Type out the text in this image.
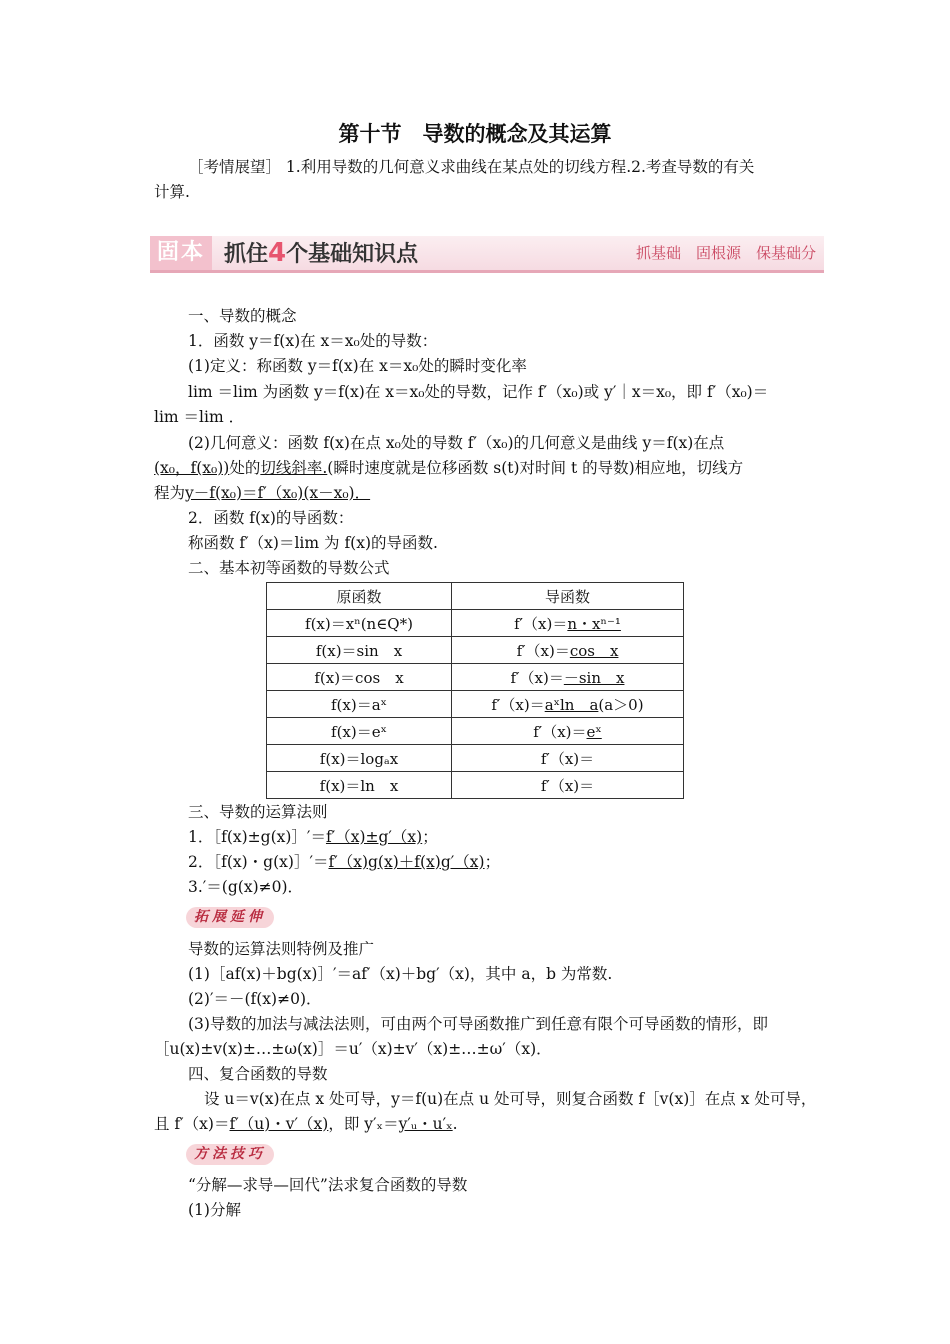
第十节　导数的概念及其运算
［考情展望］ 1.利用导数的几何意义求曲线在某点处的切线方程.2.考查导数的有关
计算.
固本 抓住4个基础知识点	抓基础　固根源　保基础分
一、导数的概念
1．函数 y＝f(x)在 x＝x₀处的导数：
(1)定义：称函数 y＝f(x)在 x＝x₀处的瞬时变化率
lim ＝lim 为函数 y＝f(x)在 x＝x₀处的导数，记作 f′（x₀)或 y′｜x＝x₀，即 f′（x₀)＝
lim ＝lim ．
(2)几何意义：函数 f(x)在点 x₀处的导数 f′（x₀)的几何意义是曲线 y＝f(x)在点
(x₀，f(x₀))处的切线斜率.(瞬时速度就是位移函数 s(t)对时间 t 的导数)相应地，切线方
程为y－f(x₀)＝f′（x₀)(x－x₀)．
2．函数 f(x)的导函数：
称函数 f′（x)＝lim 为 f(x)的导函数.
二、基本初等函数的导数公式
原函数	导函数
f(x)＝xⁿ(n∈Q*)	f′（x)＝n・xⁿ⁻¹
f(x)＝sin　x	f′（x)＝cos　x
f(x)＝cos　x	f′（x)＝－sin　x
f(x)＝aˣ	f′（x)＝aˣln　a(a＞0)
f(x)＝eˣ	f′（x)＝eˣ
f(x)＝logₐx	f′（x)＝
f(x)＝ln　x	f′（x)＝
三、导数的运算法则
1．［f(x)±g(x)］′＝f′（x)±g′（x)；
2．［f(x)・g(x)］′＝f′（x)g(x)＋f(x)g′（x)；
3.′＝(g(x)≠0)．
拓展延伸
导数的运算法则特例及推广
(1)［af(x)＋bg(x)］′＝af′（x)＋bg′（x)，其中 a，b 为常数.
(2)′＝－(f(x)≠0)．
(3)导数的加法与减法法则，可由两个可导函数推广到任意有限个可导函数的情形，即
［u(x)±v(x)±…±ω(x)］＝u′（x)±v′（x)±…±ω′（x)．
四、复合函数的导数
设 u＝v(x)在点 x 处可导，y＝f(u)在点 u 处可导，则复合函数 f［v(x)］在点 x 处可导，
且 f′（x)＝f′（u)・v′（x)，即 y′ₓ＝y′ᵤ・u′ₓ.
方法技巧
“分解—求导—回代”法求复合函数的导数
(1)分解
